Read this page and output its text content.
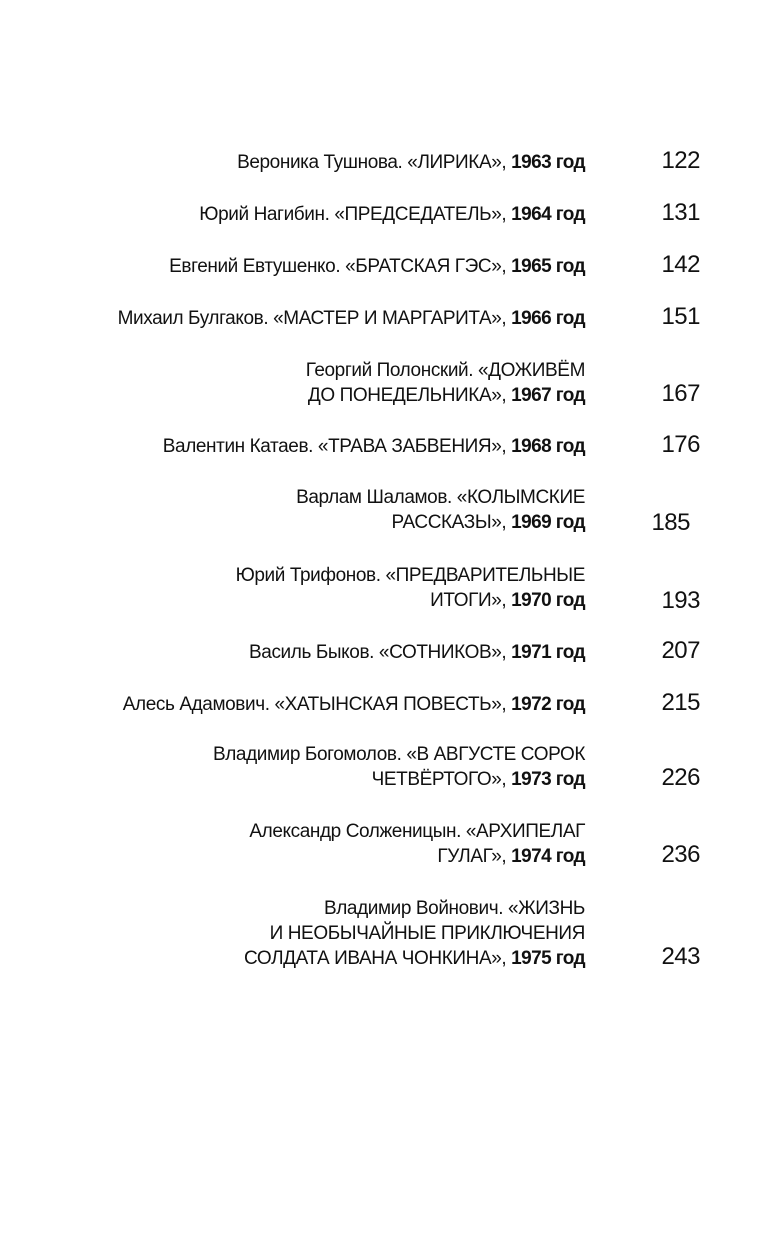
Вероника Тушнова. «ЛИРИКА», 1963 год	122
Юрий Нагибин. «ПРЕДСЕДАТЕЛЬ», 1964 год	131
Евгений Евтушенко. «БРАТСКАЯ ГЭС», 1965 год	142
Михаил Булгаков. «МАСТЕР И МАРГАРИТА», 1966 год	151
Георгий Полонский. «ДОЖИВЁМ
ДО ПОНЕДЕЛЬНИКА», 1967 год	167
Валентин Катаев. «ТРАВА ЗАБВЕНИЯ», 1968 год	176
Варлам Шаламов. «КОЛЫМСКИЕ
РАССКАЗЫ», 1969 год	185
Юрий Трифонов. «ПРЕДВАРИТЕЛЬНЫЕ
ИТОГИ», 1970 год	193
Василь Быков. «СОТНИКОВ», 1971 год	207
Алесь Адамович. «ХАТЫНСКАЯ ПОВЕСТЬ», 1972 год	215
Владимир Богомолов. «В АВГУСТЕ СОРОК
ЧЕТВЁРТОГО», 1973 год	226
Александр Солженицын. «АРХИПЕЛАГ
ГУЛАГ», 1974 год	236
Владимир Войнович. «ЖИЗНЬ
И НЕОБЫЧАЙНЫЕ ПРИКЛЮЧЕНИЯ
СОЛДАТА ИВАНА ЧОНКИНА», 1975 год	243
